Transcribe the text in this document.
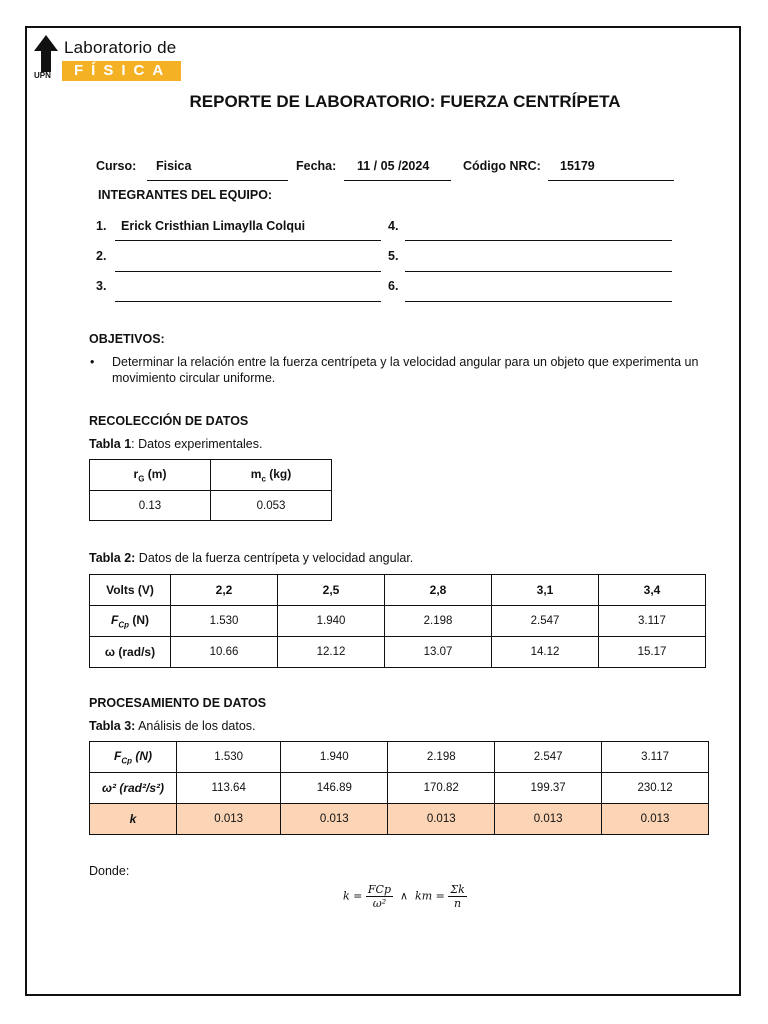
UPN
Laboratorio de
FÍSICA
REPORTE DE LABORATORIO: FUERZA CENTRÍPETA
Curso: Fisica	Fecha: 11 / 05 /2024	Código NRC: 15179
INTEGRANTES DEL EQUIPO:
1. Erick Cristhian Limaylla Colqui
2.
3.
4.
5.
6.
OBJETIVOS:
• Determinar la relación entre la fuerza centrípeta y la velocidad angular para un objeto que experimenta un
movimiento circular uniforme.
RECOLECCIÓN DE DATOS
Tabla 1: Datos experimentales.
$r_G$ (m)	$m_c$ (kg)
0.13	0.053
Tabla 2: Datos de la fuerza centrípeta y velocidad angular.
Volts (V)	2,2	2,5	2,8	3,1	3,4
$F_{Cp}$ (N)	1.530	1.940	2.198	2.547	3.117
ω (rad/s)	10.66	12.12	13.07	14.12	15.17
PROCESAMIENTO DE DATOS
Tabla 3: Análisis de los datos.
$F_{Cp}$ (N)	1.530	1.940	2.198	2.547	3.117
ω² (rad²/s²)	113.64	146.89	170.82	199.37	230.12
k	0.013	0.013	0.013	0.013	0.013
Donde:
$k = \frac{\text{FCp}}{\text{ω²}}$ ∧ km = $\frac{\Sigma k}{n}$
